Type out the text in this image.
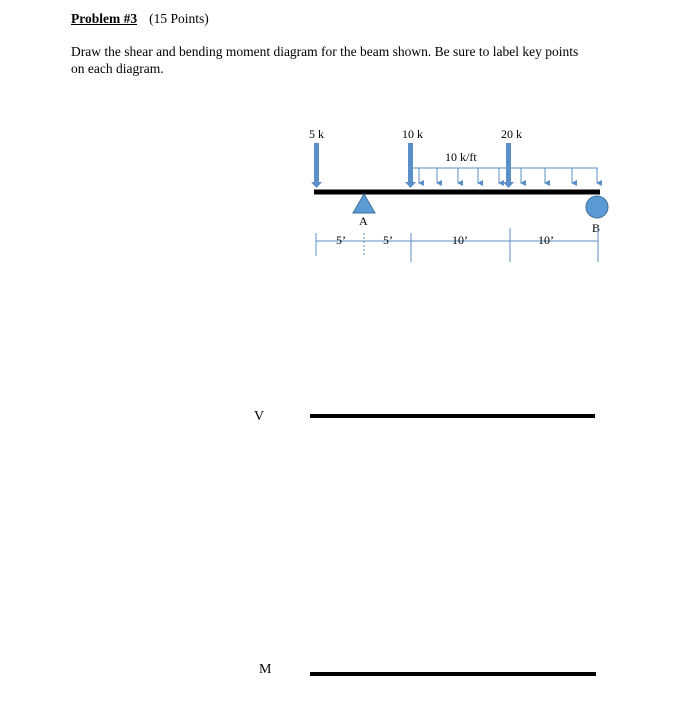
Problem #3 (15 Points)
Draw the shear and bending moment diagram for the beam shown. Be sure to label key points on each diagram.
5 k	10 k	20 k
10 k/ft
A	B
5’	5’	10’	10’
V
M
